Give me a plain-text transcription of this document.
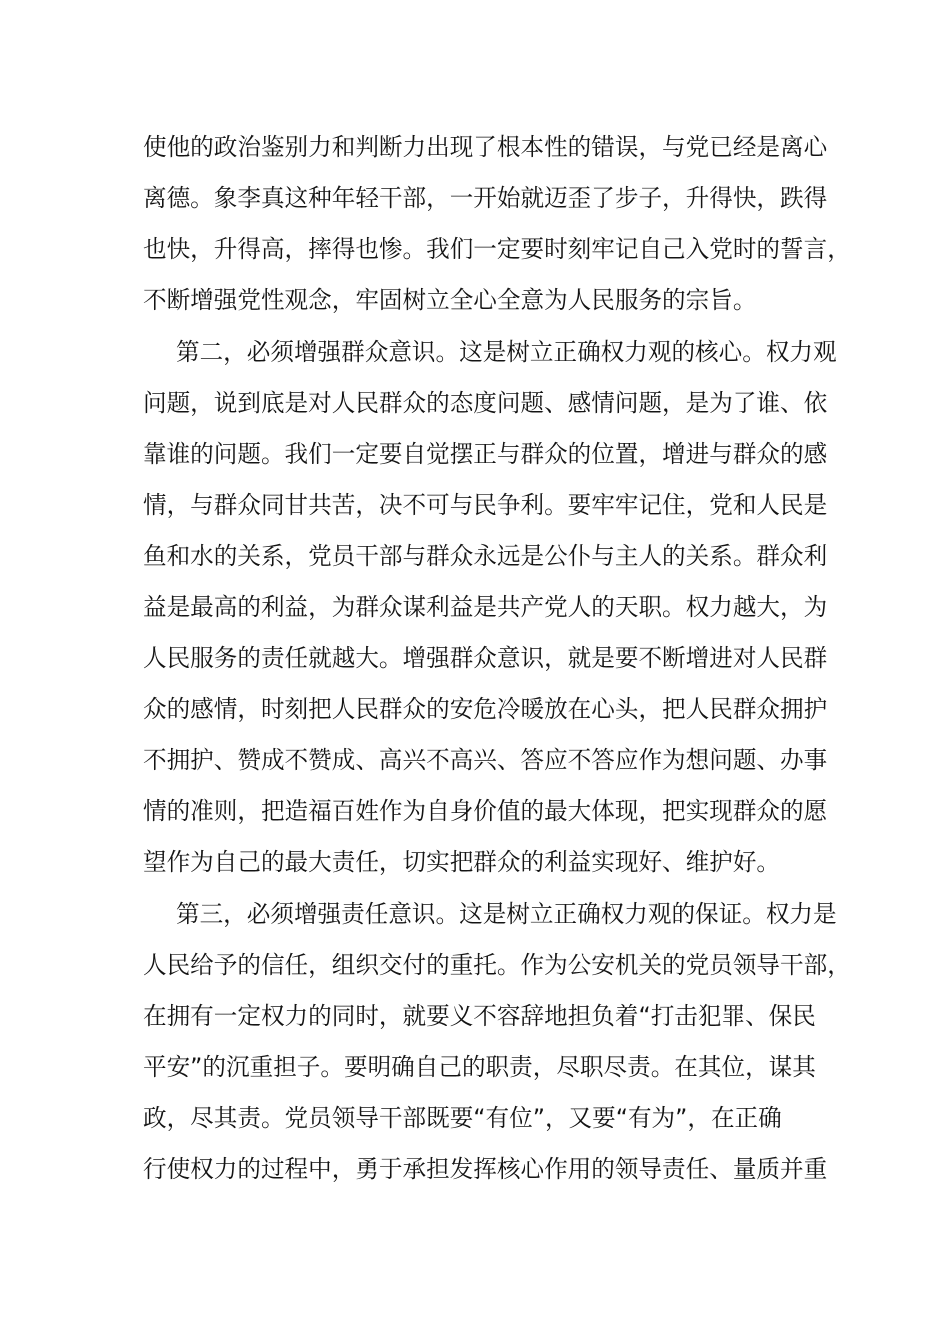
使他的政治鉴别力和判断力出现了根本性的错误，与党已经是离心
离德。象李真这种年轻干部，一开始就迈歪了步子，升得快，跌得
也快，升得高，摔得也惨。我们一定要时刻牢记自己入党时的誓言，
不断增强党性观念，牢固树立全心全意为人民服务的宗旨。
第二，必须增强群众意识。这是树立正确权力观的核心。权力观
问题，说到底是对人民群众的态度问题、感情问题，是为了谁、依
靠谁的问题。我们一定要自觉摆正与群众的位置，增进与群众的感
情，与群众同甘共苦，决不可与民争利。要牢牢记住，党和人民是
鱼和水的关系，党员干部与群众永远是公仆与主人的关系。群众利
益是最高的利益，为群众谋利益是共产党人的天职。权力越大，为
人民服务的责任就越大。增强群众意识，就是要不断增进对人民群
众的感情，时刻把人民群众的安危冷暖放在心头，把人民群众拥护
不拥护、赞成不赞成、高兴不高兴、答应不答应作为想问题、办事
情的准则，把造福百姓作为自身价值的最大体现，把实现群众的愿
望作为自己的最大责任，切实把群众的利益实现好、维护好。
第三，必须增强责任意识。这是树立正确权力观的保证。权力是
人民给予的信任，组织交付的重托。作为公安机关的党员领导干部，
在拥有一定权力的同时，就要义不容辞地担负着“打击犯罪、保民
平安”的沉重担子。要明确自己的职责，尽职尽责。在其位，谋其
政，尽其责。党员领导干部既要“有位”，又要“有为”，在正确
行使权力的过程中，勇于承担发挥核心作用的领导责任、量质并重
